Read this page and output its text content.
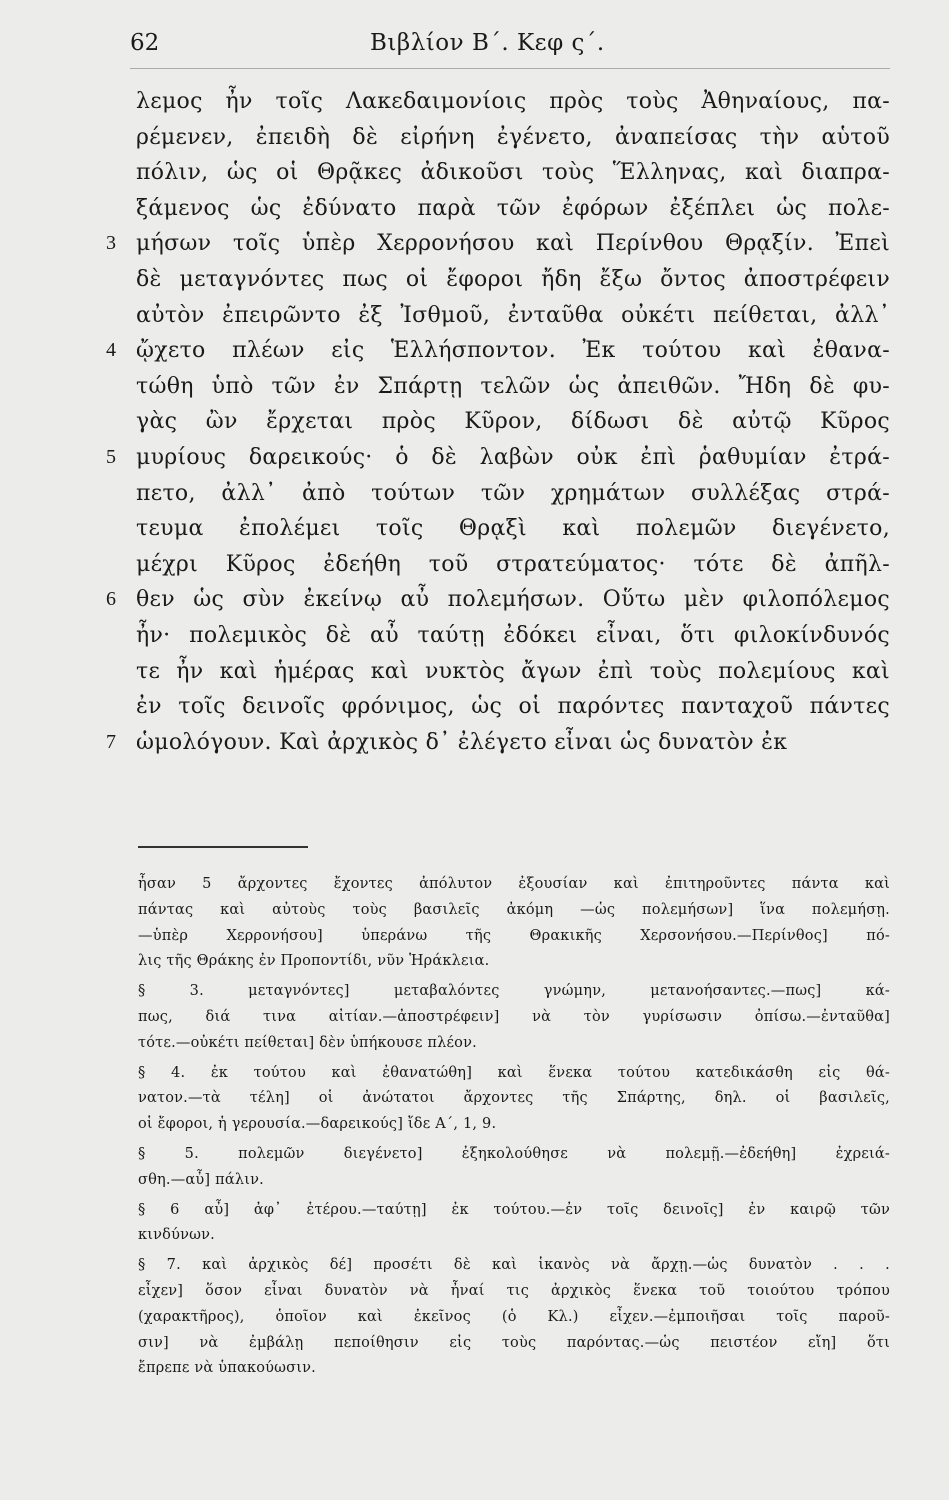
62	Βιβλίον Β΄. Κεφ ς΄.
λεμος ἦν τοῖς Λακεδαιμονίοις πρὸς τοὺς Ἀθηναίους, πα-
ρέμενεν, ἐπειδὴ δὲ εἰρήνη ἐγένετο, ἀναπείσας τὴν αὑτοῦ
πόλιν, ὡς οἱ Θρᾷκες ἀδικοῦσι τοὺς Ἕλληνας, καὶ διαπρα-
ξάμενος ὡς ἐδύνατο παρὰ τῶν ἐφόρων ἐξέπλει ὡς πολε-
3 μήσων τοῖς ὑπὲρ Χερρονήσου καὶ Περίνθου Θρᾳξίν. Ἐπεὶ
δὲ μεταγνόντες πως οἱ ἔφοροι ἤδη ἔξω ὄντος ἀποστρέφειν
αὐτὸν ἐπειρῶντο ἐξ Ἰσθμοῦ, ἐνταῦθα οὐκέτι πείθεται, ἀλλ᾿
4 ᾤχετο πλέων εἰς Ἑλλήσποντον. Ἐκ τούτου καὶ ἐθανα-
τώθη ὑπὸ τῶν ἐν Σπάρτῃ τελῶν ὡς ἀπειθῶν. Ἤδη δὲ φυ-
γὰς ὢν ἔρχεται πρὸς Κῦρον, δίδωσι δὲ αὐτῷ Κῦρος
5 μυρίους δαρεικούς· ὁ δὲ λαβὼν οὐκ ἐπὶ ῥαθυμίαν ἐτρά-
πετο, ἀλλ᾿ ἀπὸ τούτων τῶν χρημάτων συλλέξας στρά-
τευμα ἐπολέμει τοῖς Θρᾳξὶ καὶ πολεμῶν διεγένετο,
μέχρι Κῦρος ἐδεήθη τοῦ στρατεύματος· τότε δὲ ἀπῆλ-
6 θεν ὡς σὺν ἐκείνῳ αὖ πολεμήσων. Οὕτω μὲν φιλοπόλεμος
ἦν· πολεμικὸς δὲ αὖ ταύτῃ ἐδόκει εἶναι, ὅτι φιλοκίνδυνός
τε ἦν καὶ ἡμέρας καὶ νυκτὸς ἄγων ἐπὶ τοὺς πολεμίους καὶ
ἐν τοῖς δεινοῖς φρόνιμος, ὡς οἱ παρόντες πανταχοῦ πάντες
7 ὡμολόγουν. Καὶ ἀρχικὸς δ᾿ ἐλέγετο εἶναι ὡς δυνατὸν ἐκ
ἦσαν 5 ἄρχοντες ἔχοντες ἀπόλυτον ἐξουσίαν καὶ ἐπιτηροῦντες πάντα καὶ
πάντας καὶ αὐτοὺς τοὺς βασιλεῖς ἀκόμη —ὡς πολεμήσων] ἵνα πολεμήσῃ.
—ὑπὲρ Χερρονήσου] ὑπεράνω τῆς Θρακικῆς Χερσονήσου.—Περίνθος] πό-
λις τῆς Θράκης ἐν Προποντίδι, νῦν Ἡράκλεια.
§ 3. μεταγνόντες] μεταβαλόντες γνώμην, μετανοήσαντες.—πως] κά-
πως, διά τινα αἰτίαν.—ἀποστρέφειν] νὰ τὸν γυρίσωσιν ὀπίσω.—ἐνταῦθα]
τότε.—οὐκέτι πείθεται] δὲν ὑπήκουσε πλέον.
§ 4. ἐκ τούτου καὶ ἐθανατώθη] καὶ ἕνεκα τούτου κατεδικάσθη εἰς θά-
νατον.—τὰ τέλη] οἱ ἀνώτατοι ἄρχοντες τῆς Σπάρτης, δηλ. οἱ βασιλεῖς,
οἱ ἔφοροι, ἡ γερουσία.—δαρεικούς] ἴδε Α΄, 1, 9.
§ 5. πολεμῶν διεγένετο] ἐξηκολούθησε νὰ πολεμῇ.—ἐδεήθη] ἐχρειά-
σθη.—αὖ] πάλιν.
§ 6 αὖ] ἀφ᾿ ἑτέρου.—ταύτῃ] ἐκ τούτου.—ἐν τοῖς δεινοῖς] ἐν καιρῷ τῶν
κινδύνων.
§ 7. καὶ ἀρχικὸς δέ] προσέτι δὲ καὶ ἱκανὸς νὰ ἄρχῃ.—ὡς δυνατὸν . . .
εἶχεν] ὅσον εἶναι δυνατὸν νὰ ἦναί τις ἀρχικὸς ἕνεκα τοῦ τοιούτου τρόπου
(χαρακτῆρος), ὁποῖον καὶ ἐκεῖνος (ὁ Κλ.) εἶχεν.—ἐμποιῆσαι τοῖς παροῦ-
σιν] νὰ ἐμβάλῃ πεποίθησιν εἰς τοὺς παρόντας.—ὡς πειστέον εἴη] ὅτι
ἔπρεπε νὰ ὑπακούωσιν.
